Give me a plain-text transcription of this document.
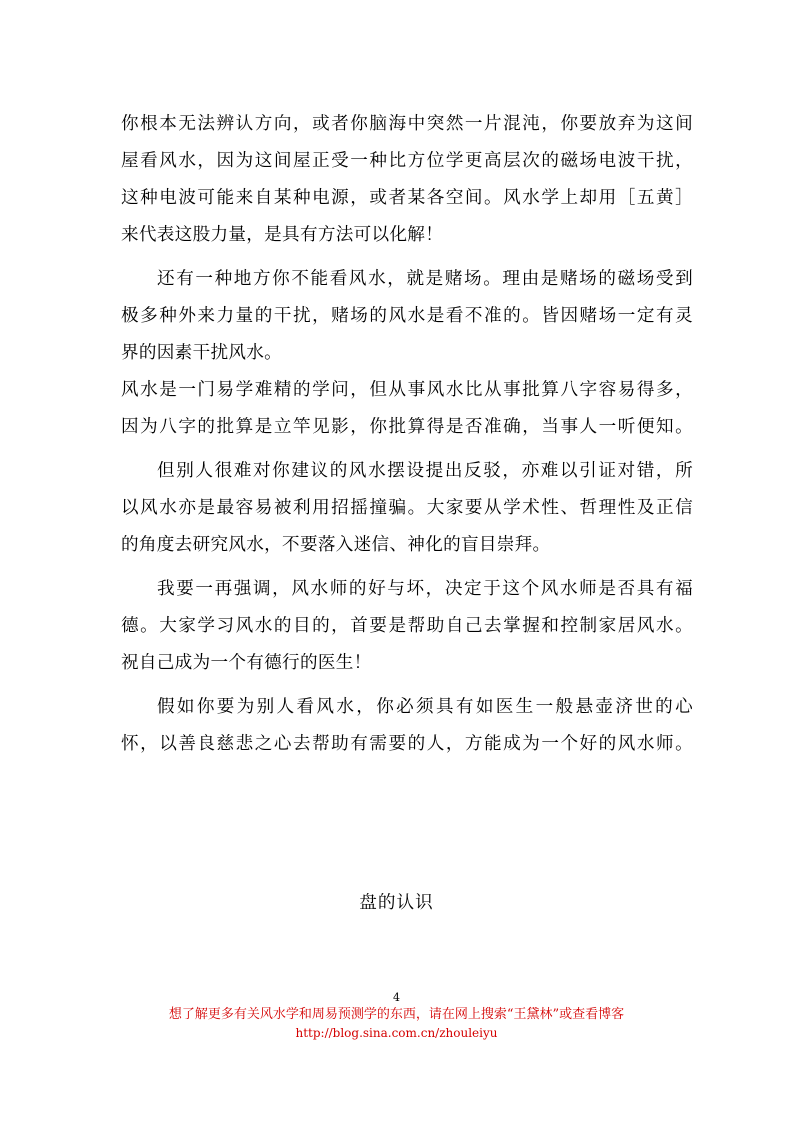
你根本无法辨认方向，或者你脑海中突然一片混沌，你要放弃为这间
屋看风水，因为这间屋正受一种比方位学更高层次的磁场电波干扰，
这种电波可能来自某种电源，或者某各空间。风水学上却用［五黄］
来代表这股力量，是具有方法可以化解！
还有一种地方你不能看风水，就是赌场。理由是赌场的磁场受到
极多种外来力量的干扰，赌场的风水是看不准的。皆因赌场一定有灵
界的因素干扰风水。
风水是一门易学难精的学问，但从事风水比从事批算八字容易得多，
因为八字的批算是立竿见影，你批算得是否准确，当事人一听便知。
但别人很难对你建议的风水摆设提出反驳，亦难以引证对错，所
以风水亦是最容易被利用招摇撞骗。大家要从学术性、哲理性及正信
的角度去研究风水，不要落入迷信、神化的盲目崇拜。
我要一再强调，风水师的好与坏，决定于这个风水师是否具有福
德。大家学习风水的目的，首要是帮助自己去掌握和控制家居风水。
祝自己成为一个有德行的医生！
假如你要为别人看风水，你必须具有如医生一般悬壶济世的心
怀，以善良慈悲之心去帮助有需要的人，方能成为一个好的风水师。
盘的认识
4
想了解更多有关风水学和周易预测学的东西，请在网上搜索“王黛林”或查看博客
http://blog.sina.com.cn/zhouleiyu
